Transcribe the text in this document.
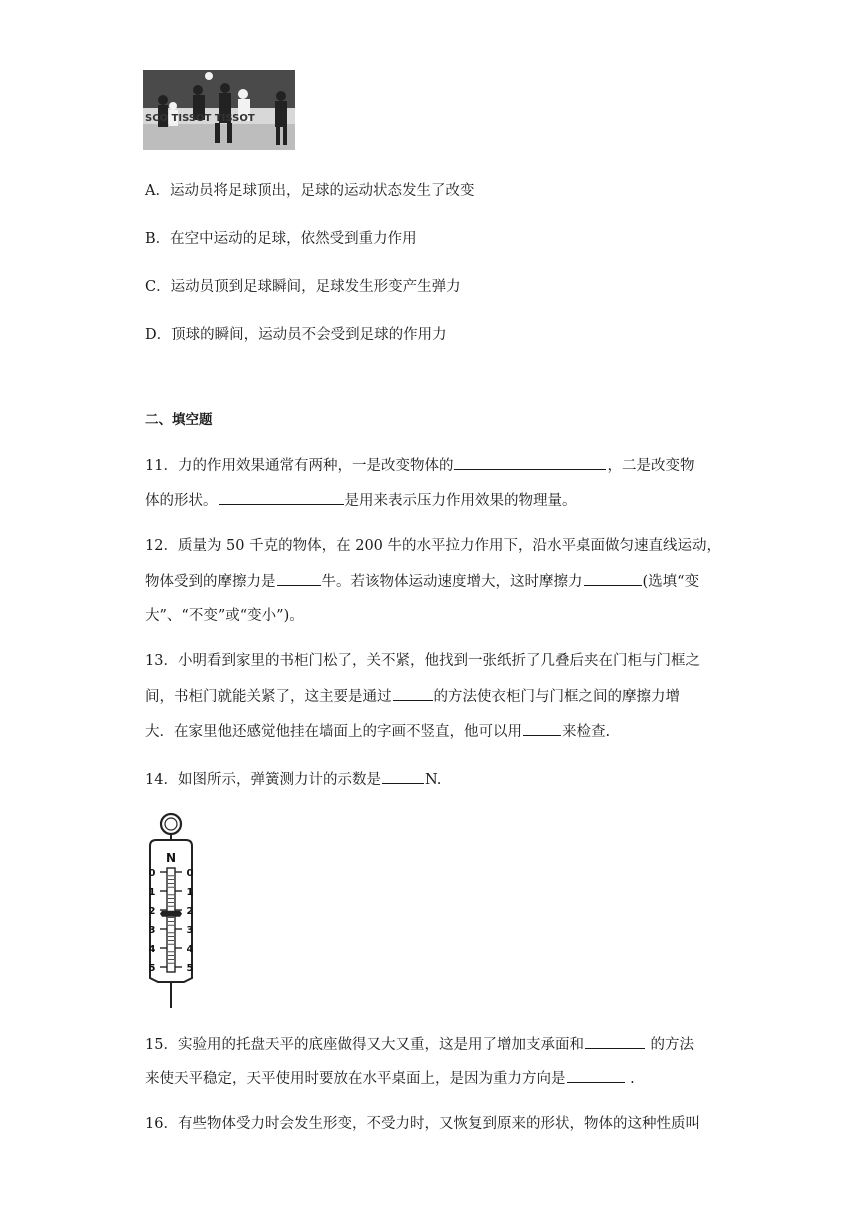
SCO TISSOT TISSOT
A．运动员将足球顶出，足球的运动状态发生了改变
B．在空中运动的足球，依然受到重力作用
C．运动员顶到足球瞬间，足球发生形变产生弹力
D．顶球的瞬间，运动员不会受到足球的作用力
二、填空题
11．力的作用效果通常有两种，一是改变物体的	，二是改变物
体的形状。	是用来表示压力作用效果的物理量。
12．质量为 50 千克的物体，在 200 牛的水平拉力作用下，沿水平桌面做匀速直线运动，
物体受到的摩擦力是	牛。若该物体运动速度增大，这时摩擦力	(选填“变
大”、“不变”或“变小”)。
13．小明看到家里的书柜门松了，关不紧，他找到一张纸折了几叠后夹在门柜与门框之
间，书柜门就能关紧了，这主要是通过	的方法使衣柜门与门框之间的摩擦力增
大．在家里他还感觉他挂在墙面上的字画不竖直，他可以用	来检查.
14．如图所示，弹簧测力计的示数是	N.
N
0	0
1	1
2	2
3	3
4	4
5	5
15．实验用的托盘天平的底座做得又大又重，这是用了增加支承面和	的方法
来使天平稳定，天平使用时要放在水平桌面上，是因为重力方向是	.
16．有些物体受力时会发生形变，不受力时，又恢复到原来的形状，物体的这种性质叫
